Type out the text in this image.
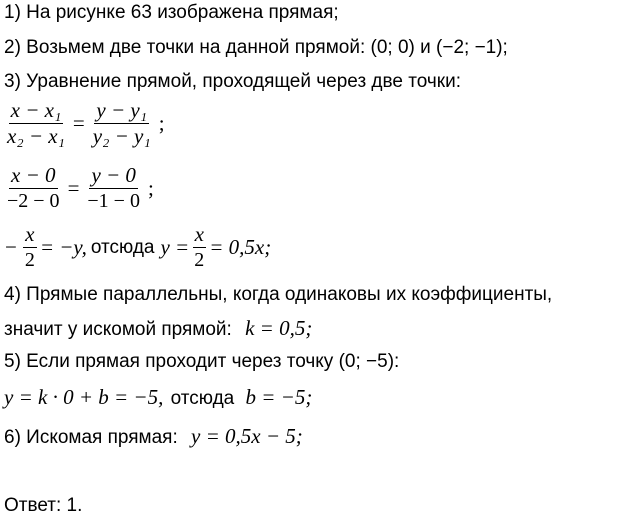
1) На рисунке 63 изображена прямая;
2) Возьмем две точки на данной прямой: (0; 0) и (−2; −1);
3) Уравнение прямой, проходящей через две точки:
$\frac{\text{x − x₁}}{\text{x₂ − x₁}} = \frac{\text{y − y₁}}{\text{y₂ − y₁}}$ ;
$\frac{x - 0}{-2 - 0} = \frac{y - 0}{-1 - 0}$ ;
− $\frac{x}{2} = -y$, отсюда $y = \frac{x}{2} = 0,5x$;
4) Прямые параллельны, когда одинаковы их коэффициенты,
значит у искомой прямой: k = 0,5;
5) Если прямая проходит через точку (0; −5):
y = k · 0 + b = −5, отсюда b = −5;
6) Искомая прямая: y = 0,5x − 5;
Ответ: 1.
